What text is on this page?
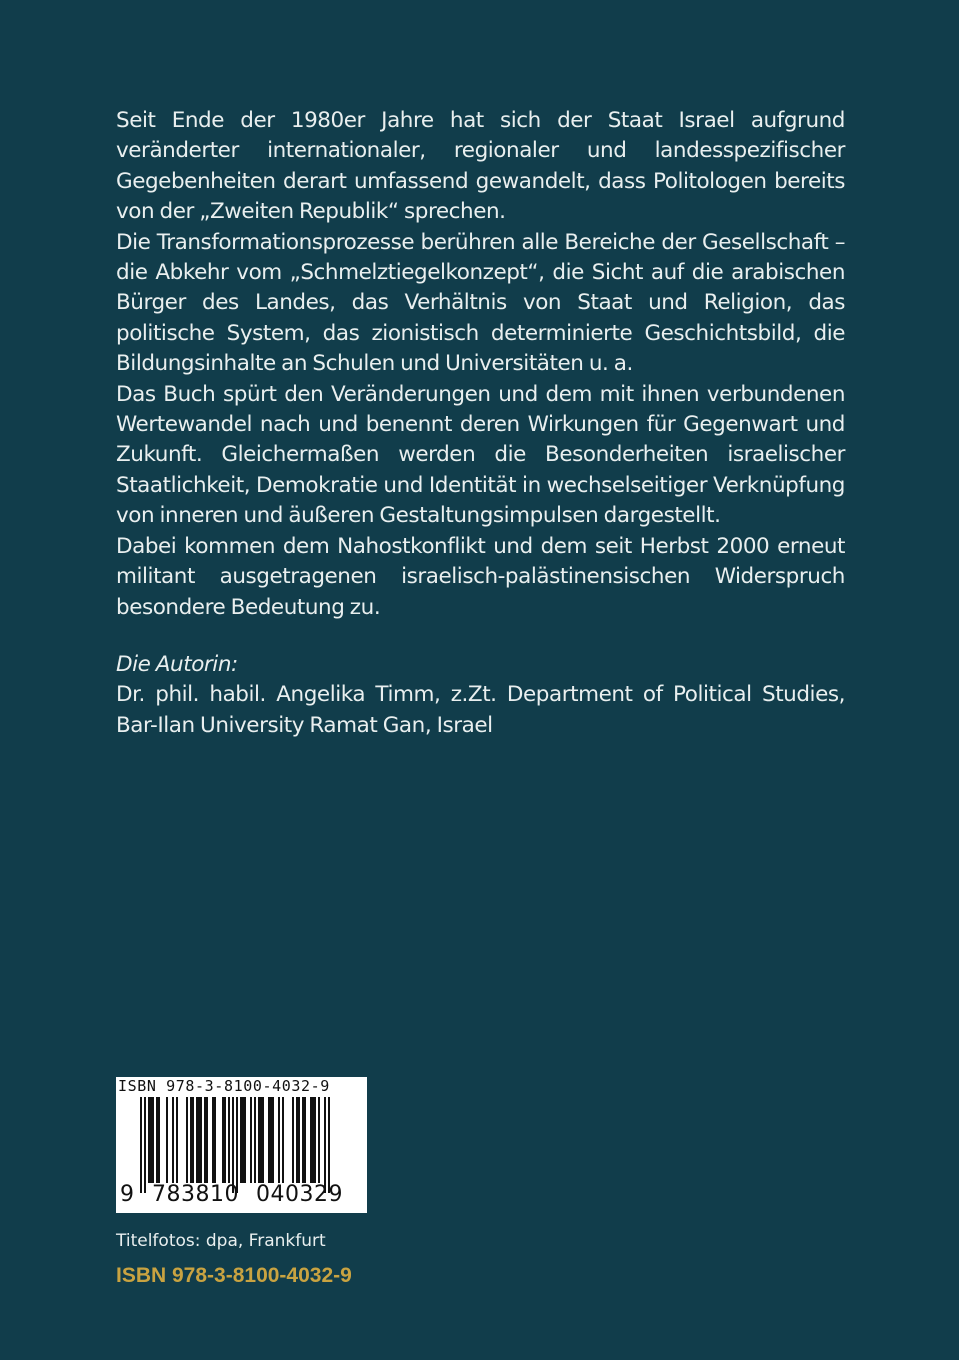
Seit Ende der 1980er Jahre hat sich der Staat Israel aufgrund veränderter internationaler, regionaler und landesspezifischer Gegebenheiten derart umfassend gewandelt, dass Politologen bereits von der „Zweiten Republik“ sprechen.

Die Transformationsprozesse berühren alle Bereiche der Gesellschaft – die Abkehr vom „Schmelztiegelkonzept“, die Sicht auf die arabischen Bürger des Landes, das Verhältnis von Staat und Religion, das politische System, das zionistisch determinierte Geschichtsbild, die Bildungsinhalte an Schulen und Universitäten u. a.

Das Buch spürt den Veränderungen und dem mit ihnen verbundenen Wertewandel nach und benennt deren Wirkungen für Gegenwart und Zukunft. Gleichermaßen werden die Besonderheiten israelischer Staatlichkeit, Demokratie und Identität in wechselseitiger Verknüpfung von inneren und äußeren Gestaltungsimpulsen dargestellt.

Dabei kommen dem Nahostkonflikt und dem seit Herbst 2000 erneut militant ausgetragenen israelisch-palästinensischen Widerspruch besondere Bedeutung zu.

Die Autorin:

Dr. phil. habil. Angelika Timm, z.Zt. Department of Political Studies, Bar-Ilan University Ramat Gan, Israel

ISBN 978-3-8100-4032-9
9 783810 040329
Titelfotos: dpa, Frankfurt
ISBN 978-3-8100-4032-9
